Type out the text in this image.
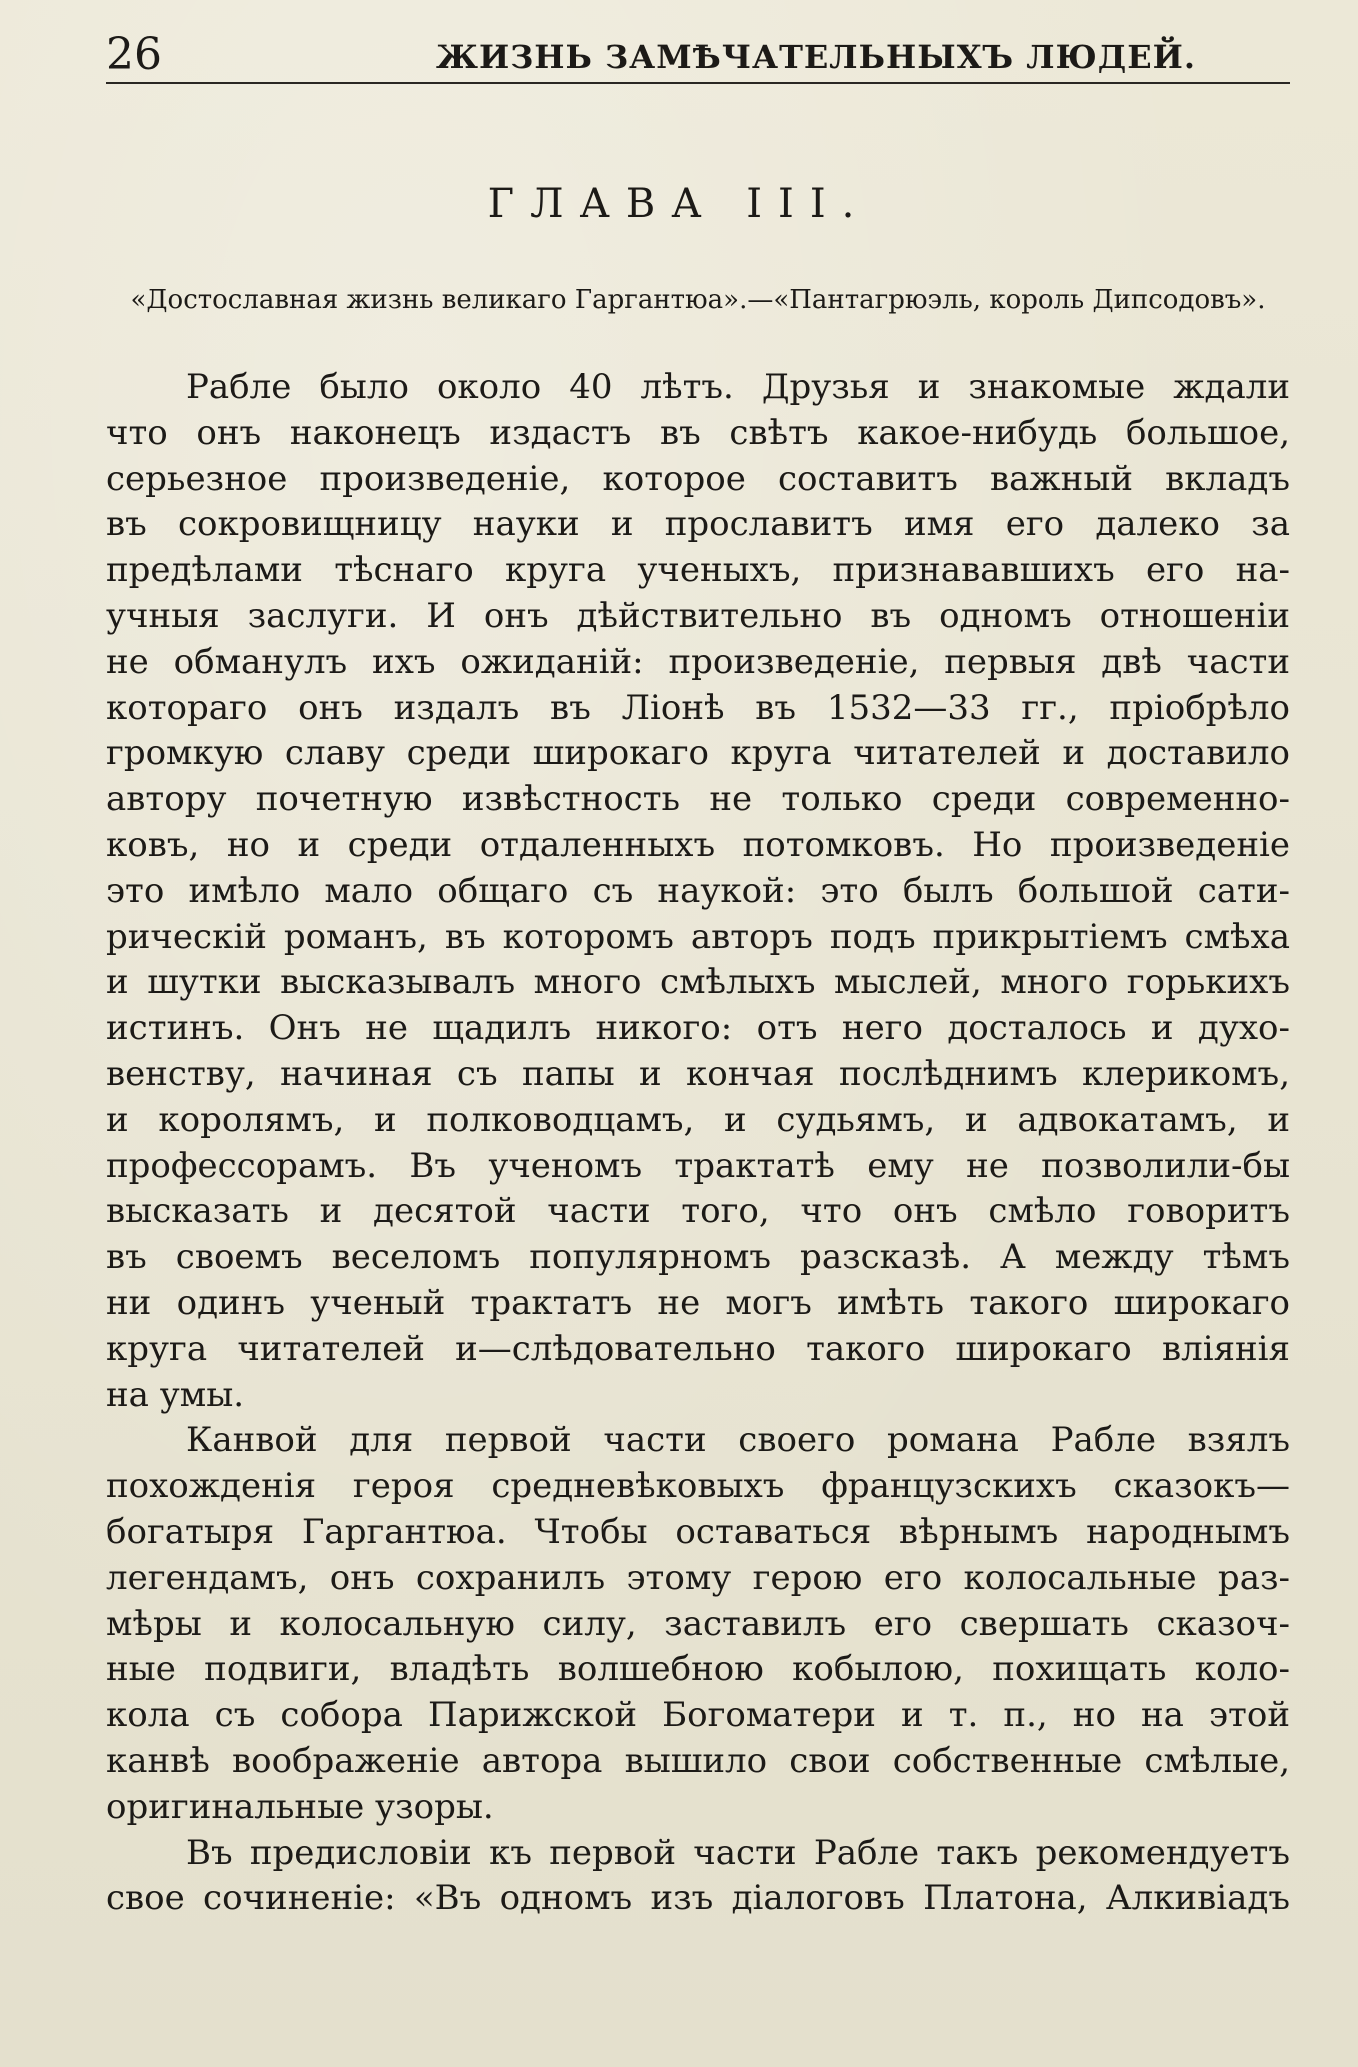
26	ЖИЗНЬ ЗАМѢЧАТЕЛЬНЫХЪ ЛЮДЕЙ.
ГЛАВА III.
«Достославная жизнь великаго Гаргантюа».—«Пантагрюэль, король Дипсодовъ».
Рабле было около 40 лѣтъ. Друзья и знакомые ждали
что онъ наконецъ издастъ въ свѣтъ какое-нибудь большое,
серьезное произведеніе, которое составитъ важный вкладъ
въ сокровищницу науки и прославитъ имя его далеко за
предѣлами тѣснаго круга ученыхъ, признававшихъ его на-
учныя заслуги. И онъ дѣйствительно въ одномъ отношеніи
не обманулъ ихъ ожиданій: произведеніе, первыя двѣ части
котораго онъ издалъ въ Ліонѣ въ 1532—33 гг., пріобрѣло
громкую славу среди широкаго круга читателей и доставило
автору почетную извѣстность не только среди современно-
ковъ, но и среди отдаленныхъ потомковъ. Но произведеніе
это имѣло мало общаго съ наукой: это былъ большой сати-
рическій романъ, въ которомъ авторъ подъ прикрытіемъ смѣха
и шутки высказывалъ много смѣлыхъ мыслей, много горькихъ
истинъ. Онъ не щадилъ никого: отъ него досталось и духо-
венству, начиная съ папы и кончая послѣднимъ клерикомъ,
и королямъ, и полководцамъ, и судьямъ, и адвокатамъ, и
профессорамъ. Въ ученомъ трактатѣ ему не позволили-бы
высказать и десятой части того, что онъ смѣло говоритъ
въ своемъ веселомъ популярномъ разсказѣ. А между тѣмъ
ни одинъ ученый трактатъ не могъ имѣть такого широкаго
круга читателей и—слѣдовательно такого широкаго вліянія
на умы.
Канвой для первой части своего романа Рабле взялъ
похожденія героя средневѣковыхъ французскихъ сказокъ—
богатыря Гаргантюа. Чтобы оставаться вѣрнымъ народнымъ
легендамъ, онъ сохранилъ этому герою его колосальные раз-
мѣры и колосальную силу, заставилъ его свершать сказоч-
ные подвиги, владѣть волшебною кобылою, похищать коло-
кола съ собора Парижской Богоматери и т. п., но на этой
канвѣ воображеніе автора вышило свои собственные смѣлые,
оригинальные узоры.
Въ предисловіи къ первой части Рабле такъ рекомендуетъ
свое сочиненіе: «Въ одномъ изъ діалоговъ Платона, Алкивіадъ
